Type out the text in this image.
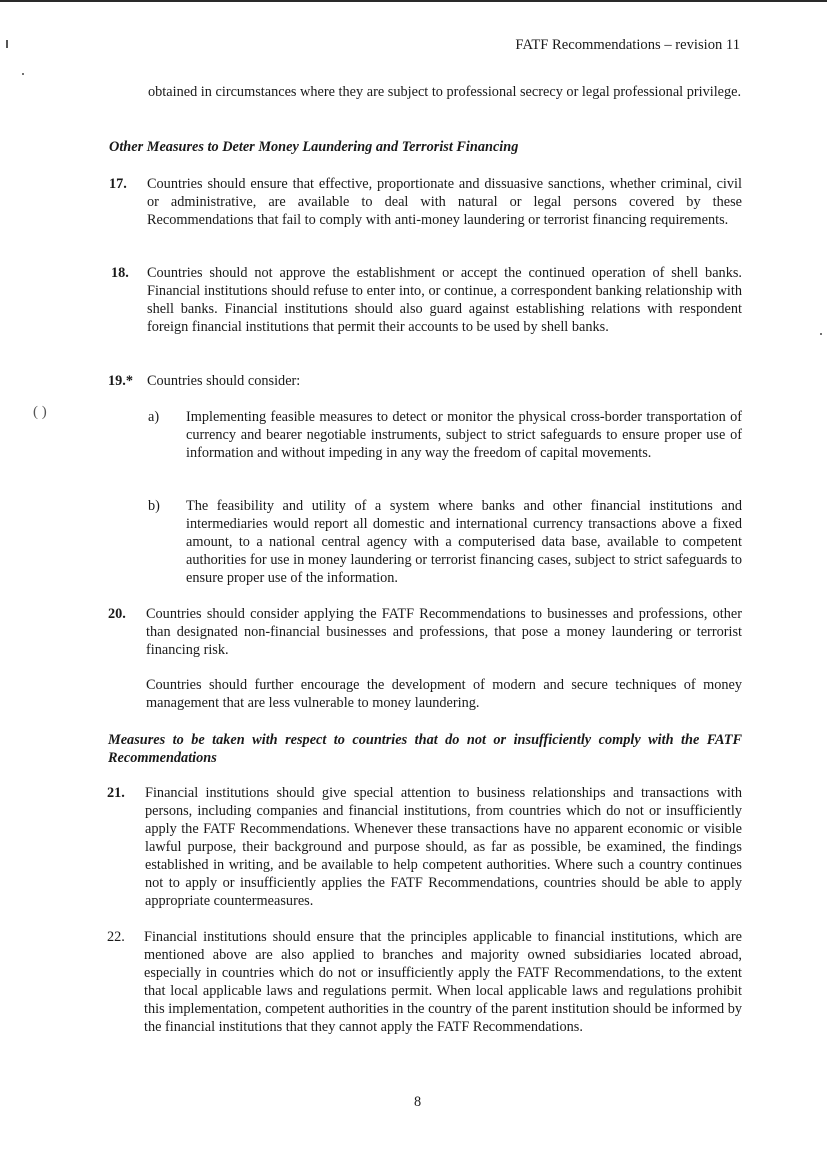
( )
FATF Recommendations – revision 11
obtained in circumstances where they are subject to professional secrecy or legal professional privilege.
Other Measures to Deter Money Laundering and Terrorist Financing
17. Countries should ensure that effective, proportionate and dissuasive sanctions, whether criminal, civil or administrative, are available to deal with natural or legal persons covered by these Recommendations that fail to comply with anti-money laundering or terrorist financing requirements.
18. Countries should not approve the establishment or accept the continued operation of shell banks. Financial institutions should refuse to enter into, or continue, a correspondent banking relationship with shell banks. Financial institutions should also guard against establishing relations with respondent foreign financial institutions that permit their accounts to be used by shell banks.
19.* Countries should consider:
a) Implementing feasible measures to detect or monitor the physical cross-border transportation of currency and bearer negotiable instruments, subject to strict safeguards to ensure proper use of information and without impeding in any way the freedom of capital movements.
b) The feasibility and utility of a system where banks and other financial institutions and intermediaries would report all domestic and international currency transactions above a fixed amount, to a national central agency with a computerised data base, available to competent authorities for use in money laundering or terrorist financing cases, subject to strict safeguards to ensure proper use of the information.
20. Countries should consider applying the FATF Recommendations to businesses and professions, other than designated non-financial businesses and professions, that pose a money laundering or terrorist financing risk.
Countries should further encourage the development of modern and secure techniques of money management that are less vulnerable to money laundering.
Measures to be taken with respect to countries that do not or insufficiently comply with the FATF Recommendations
21. Financial institutions should give special attention to business relationships and transactions with persons, including companies and financial institutions, from countries which do not or insufficiently apply the FATF Recommendations. Whenever these transactions have no apparent economic or visible lawful purpose, their background and purpose should, as far as possible, be examined, the findings established in writing, and be available to help competent authorities. Where such a country continues not to apply or insufficiently applies the FATF Recommendations, countries should be able to apply appropriate countermeasures.
22. Financial institutions should ensure that the principles applicable to financial institutions, which are mentioned above are also applied to branches and majority owned subsidiaries located abroad, especially in countries which do not or insufficiently apply the FATF Recommendations, to the extent that local applicable laws and regulations permit. When local applicable laws and regulations prohibit this implementation, competent authorities in the country of the parent institution should be informed by the financial institutions that they cannot apply the FATF Recommendations.
8
